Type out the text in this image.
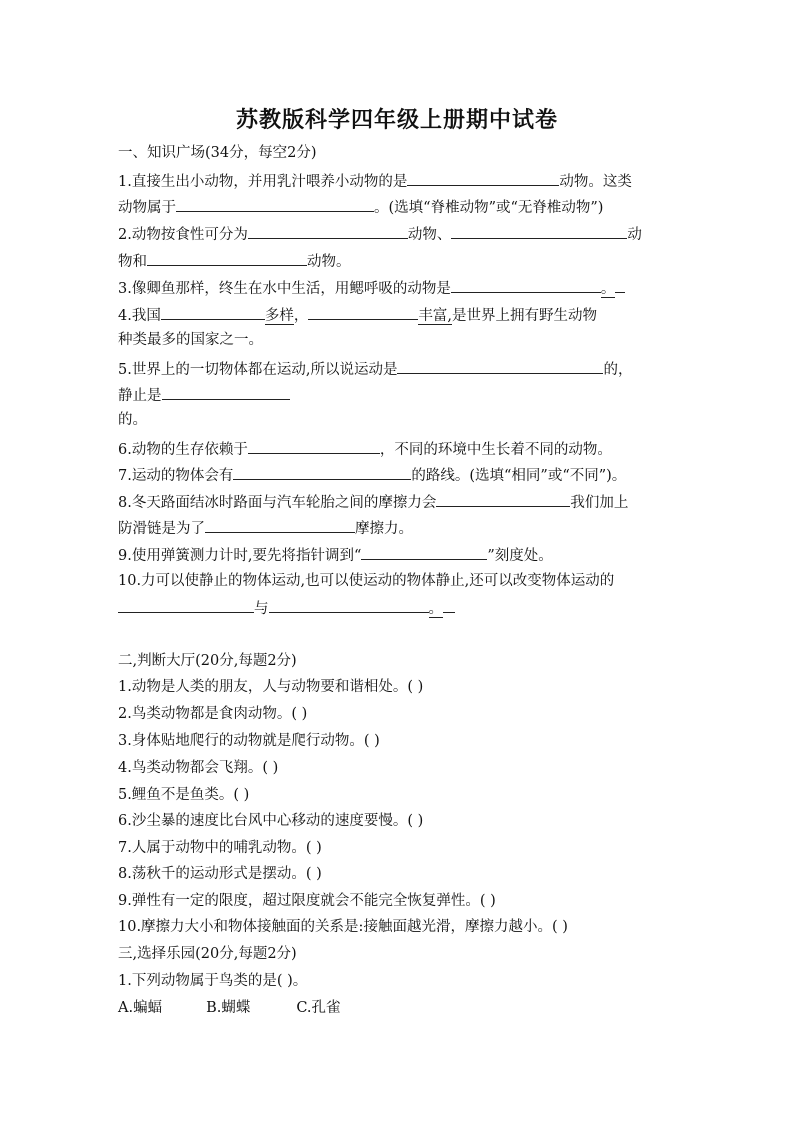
苏教版科学四年级上册期中试卷
一、知识广场(34分，每空2分)
1.直接生出小动物，并用乳汁喂养小动物的是	动物。这类
动物属于	。(选填“脊椎动物”或“无脊椎动物”)
2.动物按食性可分为	动物、	动
物和	动物。
3.像卿鱼那样，终生在水中生活，用鳃呼吸的动物是	。
4.我国	多样，	丰富,是世界上拥有野生动物
种类最多的国家之一。
5.世界上的一切物体都在运动,所以说运动是	的，
静止是
的。
6.动物的生存依赖于	，不同的环境中生长着不同的动物。
7.运动的物体会有	的路线。(选填“相同”或“不同”)。
8.冬天路面结冰时路面与汽车轮胎之间的摩擦力会	我们加上
防滑链是为了	摩擦力。
9.使用弹簧测力计时,要先将指针调到“	”刻度处。
10.力可以使静止的物体运动,也可以使运动的物体静止,还可以改变物体运动的
与	。
二,判断大厅(20分,每题2分)
1.动物是人类的朋友，人与动物要和谐相处。( )
2.鸟类动物都是食肉动物。( )
3.身体贴地爬行的动物就是爬行动物。( )
4.鸟类动物都会飞翔。( )
5.鲤鱼不是鱼类。( )
6.沙尘暴的速度比台风中心移动的速度要慢。( )
7.人属于动物中的哺乳动物。( )
8.荡秋千的运动形式是摆动。( )
9.弹性有一定的限度，超过限度就会不能完全恢复弹性。( )
10.摩擦力大小和物体接触面的关系是:接触面越光滑，摩擦力越小。( )
三,选择乐园(20分,每题2分)
1.下列动物属于鸟类的是( )。
A.蝙蝠	B.蝴蝶	C.孔雀
